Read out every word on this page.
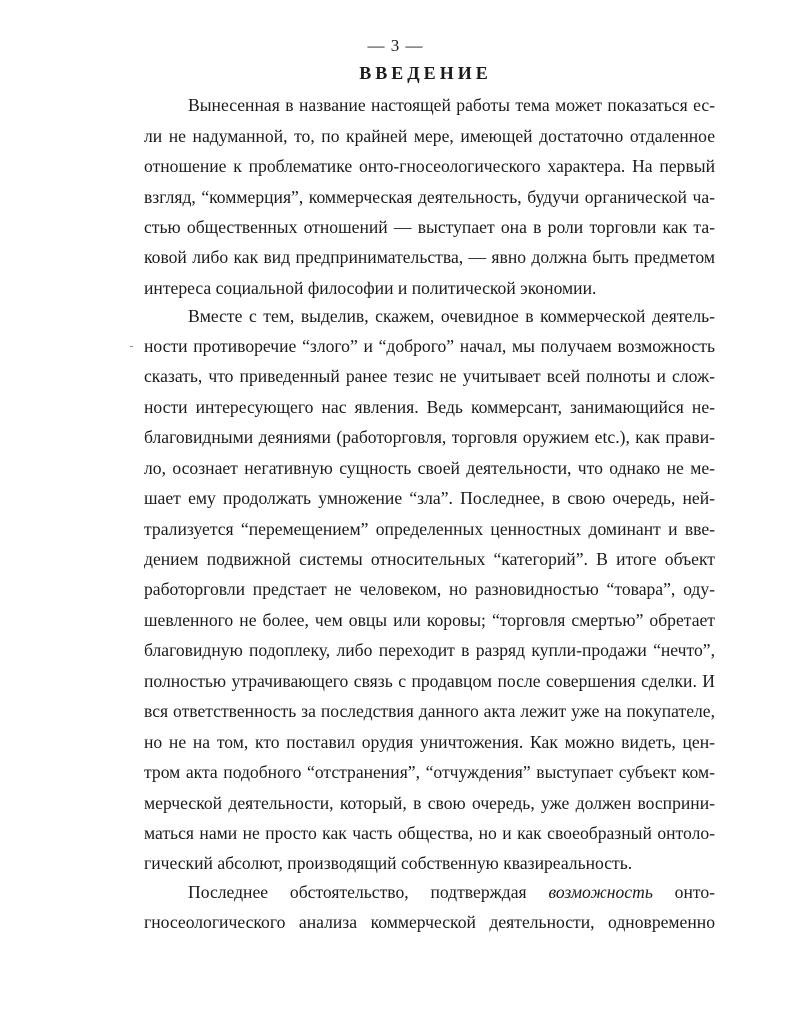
— 3 —
ВВЕДЕНИЕ
Вынесенная в название настоящей работы тема может показаться ес-
ли не надуманной, то, по крайней мере, имеющей достаточно отдаленное
отношение к проблематике онто-гносеологического характера. На первый
взгляд, “коммерция”, коммерческая деятельность, будучи органической ча-
стью общественных отношений — выступает она в роли торговли как та-
ковой либо как вид предпринимательства, — явно должна быть предметом
интереса социальной философии и политической экономии.
Вместе с тем, выделив, скажем, очевидное в коммерческой деятель-
ности противоречие “злого” и “доброго” начал, мы получаем возможность
сказать, что приведенный ранее тезис не учитывает всей полноты и слож-
ности интересующего нас явления. Ведь коммерсант, занимающийся не-
благовидными деяниями (работорговля, торговля оружием etc.), как прави-
ло, осознает негативную сущность своей деятельности, что однако не ме-
шает ему продолжать умножение “зла”. Последнее, в свою очередь, ней-
трализуется “перемещением” определенных ценностных доминант и вве-
дением подвижной системы относительных “категорий”. В итоге объект
работорговли предстает не человеком, но разновидностью “товара”, оду-
шевленного не более, чем овцы или коровы; “торговля смертью” обретает
благовидную подоплеку, либо переходит в разряд купли-продажи “нечто”,
полностью утрачивающего связь с продавцом после совершения сделки. И
вся ответственность за последствия данного акта лежит уже на покупателе,
но не на том, кто поставил орудия уничтожения. Как можно видеть, цен-
тром акта подобного “отстранения”, “отчуждения” выступает субъект ком-
мерческой деятельности, который, в свою очередь, уже должен восприни-
маться нами не просто как часть общества, но и как своеобразный онтоло-
гический абсолют, производящий собственную квазиреальность.
Последнее обстоятельство, подтверждая возможность онто-
гносеологического анализа коммерческой деятельности, одновременно
